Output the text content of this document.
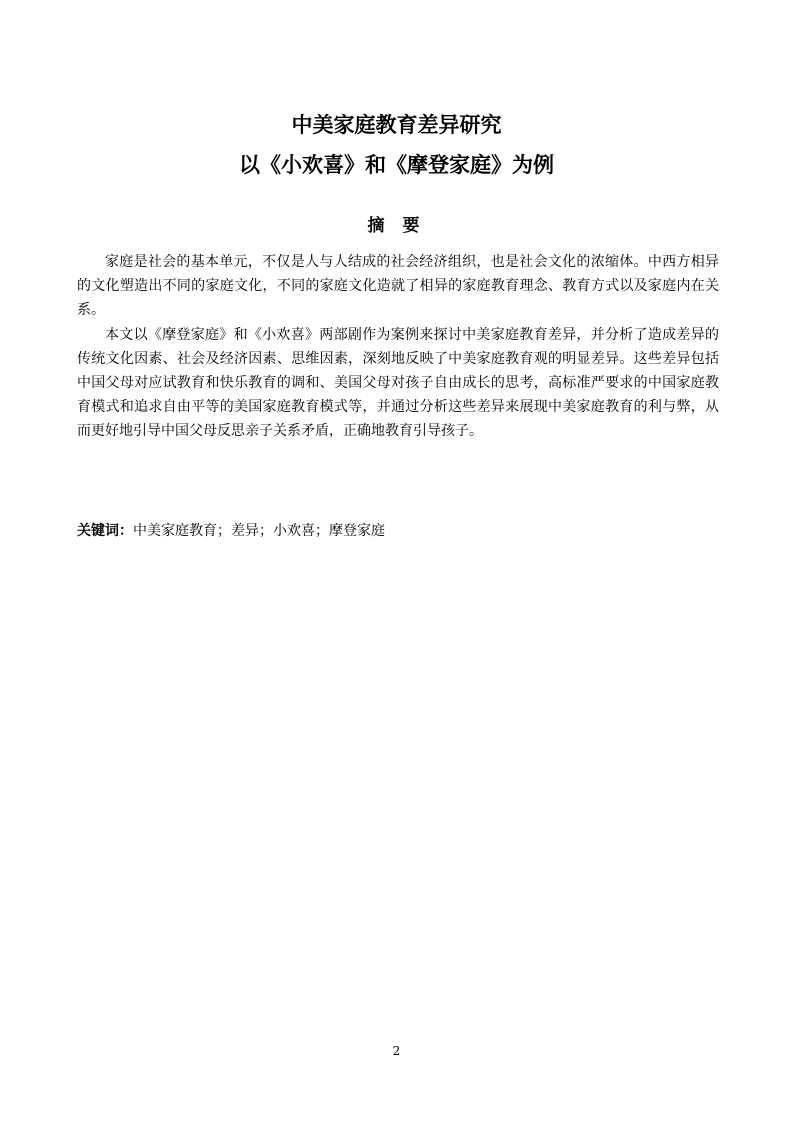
中美家庭教育差异研究
以《小欢喜》和《摩登家庭》为例
摘 要

家庭是社会的基本单元，不仅是人与人结成的社会经济组织，也是社会文化的浓缩体。中西方相异的文化塑造出不同的家庭文化，不同的家庭文化造就了相异的家庭教育理念、教育方式以及家庭内在关系。

本文以《摩登家庭》和《小欢喜》两部剧作为案例来探讨中美家庭教育差异，并分析了造成差异的传统文化因素、社会及经济因素、思维因素，深刻地反映了中美家庭教育观的明显差异。这些差异包括中国父母对应试教育和快乐教育的调和、美国父母对孩子自由成长的思考，高标准严要求的中国家庭教育模式和追求自由平等的美国家庭教育模式等，并通过分析这些差异来展现中美家庭教育的利与弊，从而更好地引导中国父母反思亲子关系矛盾，正确地教育引导孩子。

关键词：中美家庭教育；差异；小欢喜；摩登家庭

2
